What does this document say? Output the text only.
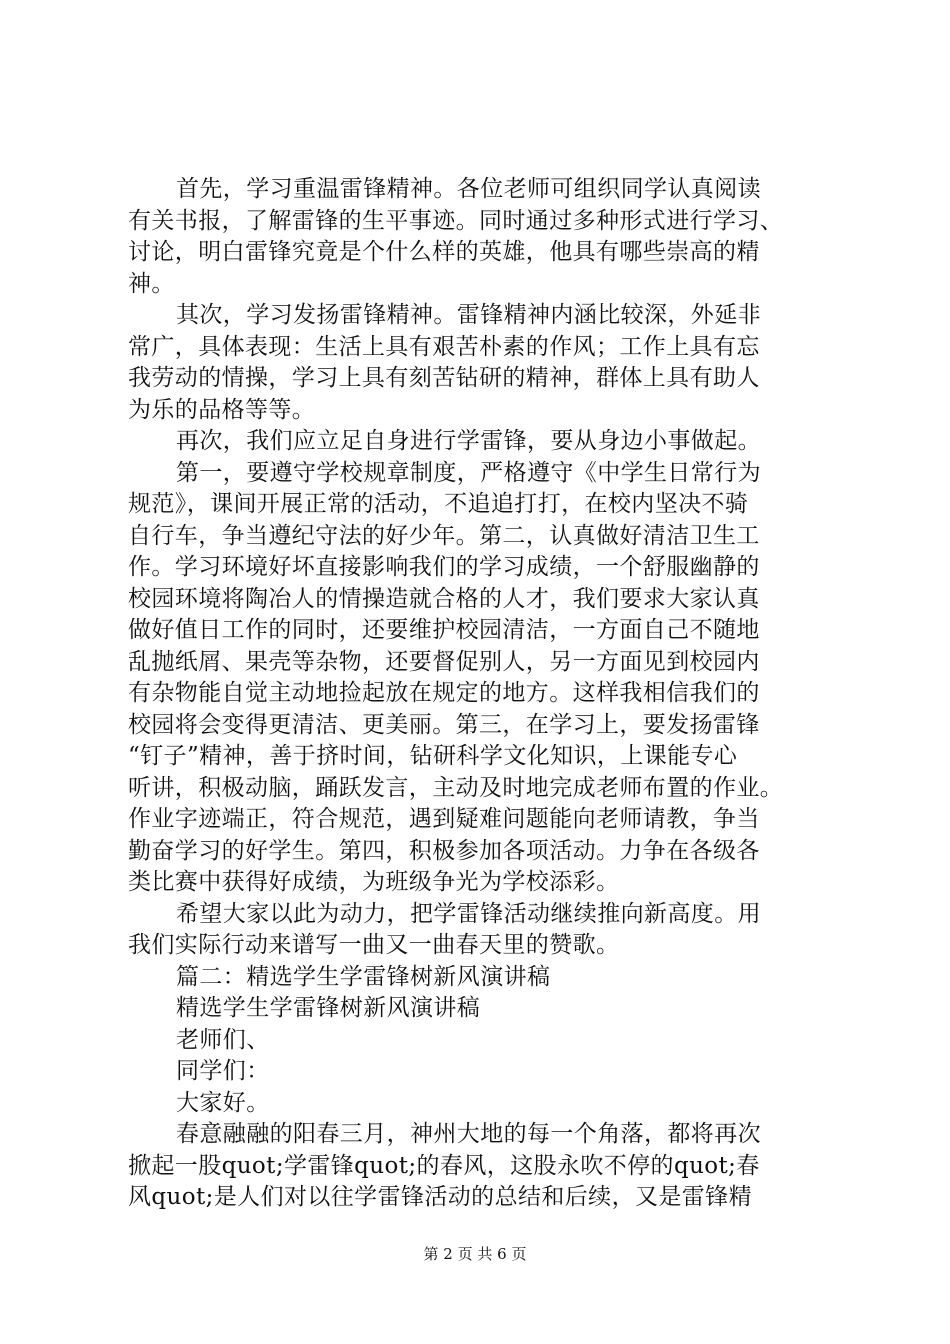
首先，学习重温雷锋精神。各位老师可组织同学认真阅读
有关书报，了解雷锋的生平事迹。同时通过多种形式进行学习、
讨论，明白雷锋究竟是个什么样的英雄，他具有哪些崇高的精
神。
其次，学习发扬雷锋精神。雷锋精神内涵比较深，外延非
常广，具体表现：生活上具有艰苦朴素的作风；工作上具有忘
我劳动的情操，学习上具有刻苦钻研的精神，群体上具有助人
为乐的品格等等。
再次，我们应立足自身进行学雷锋，要从身边小事做起。
第一，要遵守学校规章制度，严格遵守《中学生日常行为
规范》，课间开展正常的活动，不追追打打，在校内坚决不骑
自行车，争当遵纪守法的好少年。第二，认真做好清洁卫生工
作。学习环境好坏直接影响我们的学习成绩，一个舒服幽静的
校园环境将陶冶人的情操造就合格的人才，我们要求大家认真
做好值日工作的同时，还要维护校园清洁，一方面自己不随地
乱抛纸屑、果壳等杂物，还要督促别人，另一方面见到校园内
有杂物能自觉主动地捡起放在规定的地方。这样我相信我们的
校园将会变得更清洁、更美丽。第三，在学习上，要发扬雷锋
“钉子”精神，善于挤时间，钻研科学文化知识，上课能专心
听讲，积极动脑，踊跃发言，主动及时地完成老师布置的作业。
作业字迹端正，符合规范，遇到疑难问题能向老师请教，争当
勤奋学习的好学生。第四，积极参加各项活动。力争在各级各
类比赛中获得好成绩，为班级争光为学校添彩。
希望大家以此为动力，把学雷锋活动继续推向新高度。用
我们实际行动来谱写一曲又一曲春天里的赞歌。
篇二：精选学生学雷锋树新风演讲稿
精选学生学雷锋树新风演讲稿
老师们、
同学们：
大家好。
春意融融的阳春三月，神州大地的每一个角落，都将再次
掀起一股quot;学雷锋quot;的春风，这股永吹不停的quot;春
风quot;是人们对以往学雷锋活动的总结和后续，又是雷锋精
第 2 页 共 6 页
